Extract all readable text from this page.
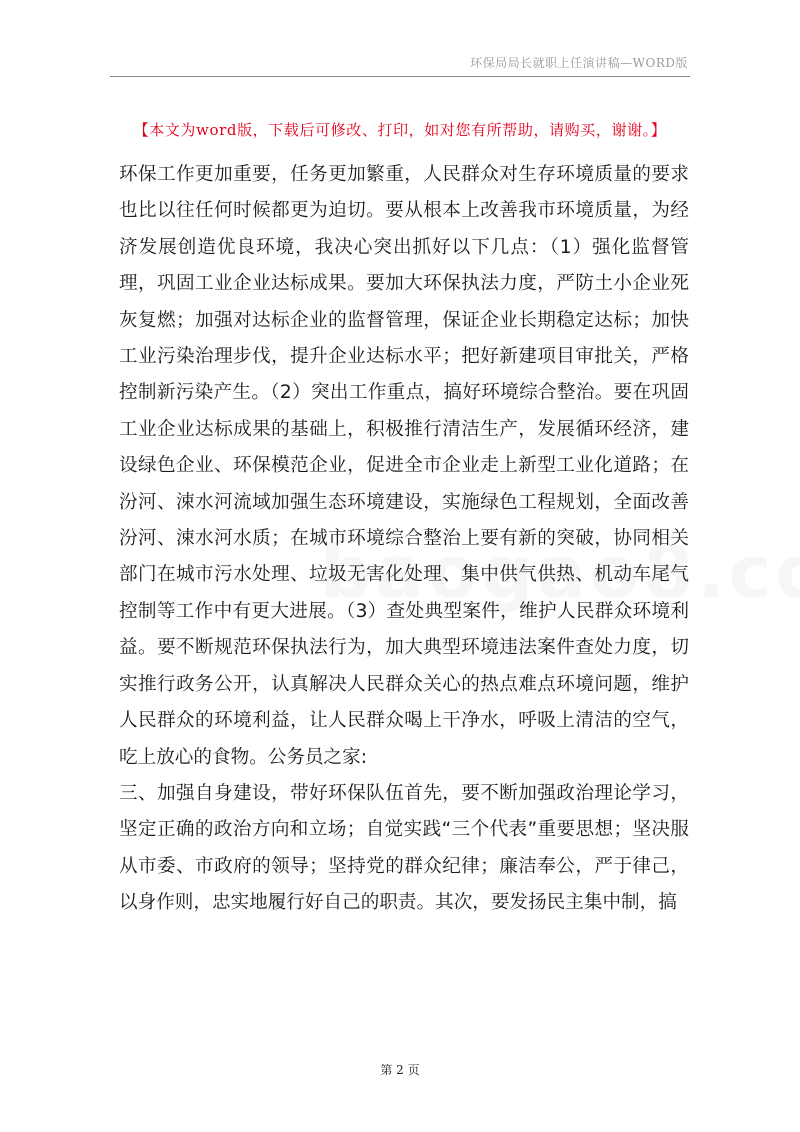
环保局局长就职上任演讲稿—WORD版
【本文为word版，下载后可修改、打印，如对您有所帮助，请购买，谢谢。】

环保工作更加重要，任务更加繁重，人民群众对生存环境质量的要求也比以往任何时候都更为迫切。要从根本上改善我市环境质量，为经济发展创造优良环境，我决心突出抓好以下几点：（1）强化监督管理，巩固工业企业达标成果。要加大环保执法力度，严防土小企业死灰复燃；加强对达标企业的监督管理，保证企业长期稳定达标；加快工业污染治理步伐，提升企业达标水平；把好新建项目审批关，严格控制新污染产生。（2）突出工作重点，搞好环境综合整治。要在巩固工业企业达标成果的基础上，积极推行清洁生产，发展循环经济，建设绿色企业、环保模范企业，促进全市企业走上新型工业化道路；在汾河、涑水河流域加强生态环境建设，实施绿色工程规划，全面改善汾河、涑水河水质；在城市环境综合整治上要有新的突破，协同相关部门在城市污水处理、垃圾无害化处理、集中供气供热、机动车尾气控制等工作中有更大进展。（3）查处典型案件，维护人民群众环境利益。要不断规范环保执法行为，加大典型环境违法案件查处力度，切实推行政务公开，认真解决人民群众关心的热点难点环境问题，维护人民群众的环境利益，让人民群众喝上干净水，呼吸上清洁的空气，吃上放心的食物。公务员之家:

三、加强自身建设，带好环保队伍首先，要不断加强政治理论学习，坚定正确的政治方向和立场；自觉实践“三个代表”重要思想；坚决服从市委、市政府的领导；坚持党的群众纪律；廉洁奉公，严于律己，以身作则，忠实地履行好自己的职责。其次，要发扬民主集中制，搞

第 2 页
